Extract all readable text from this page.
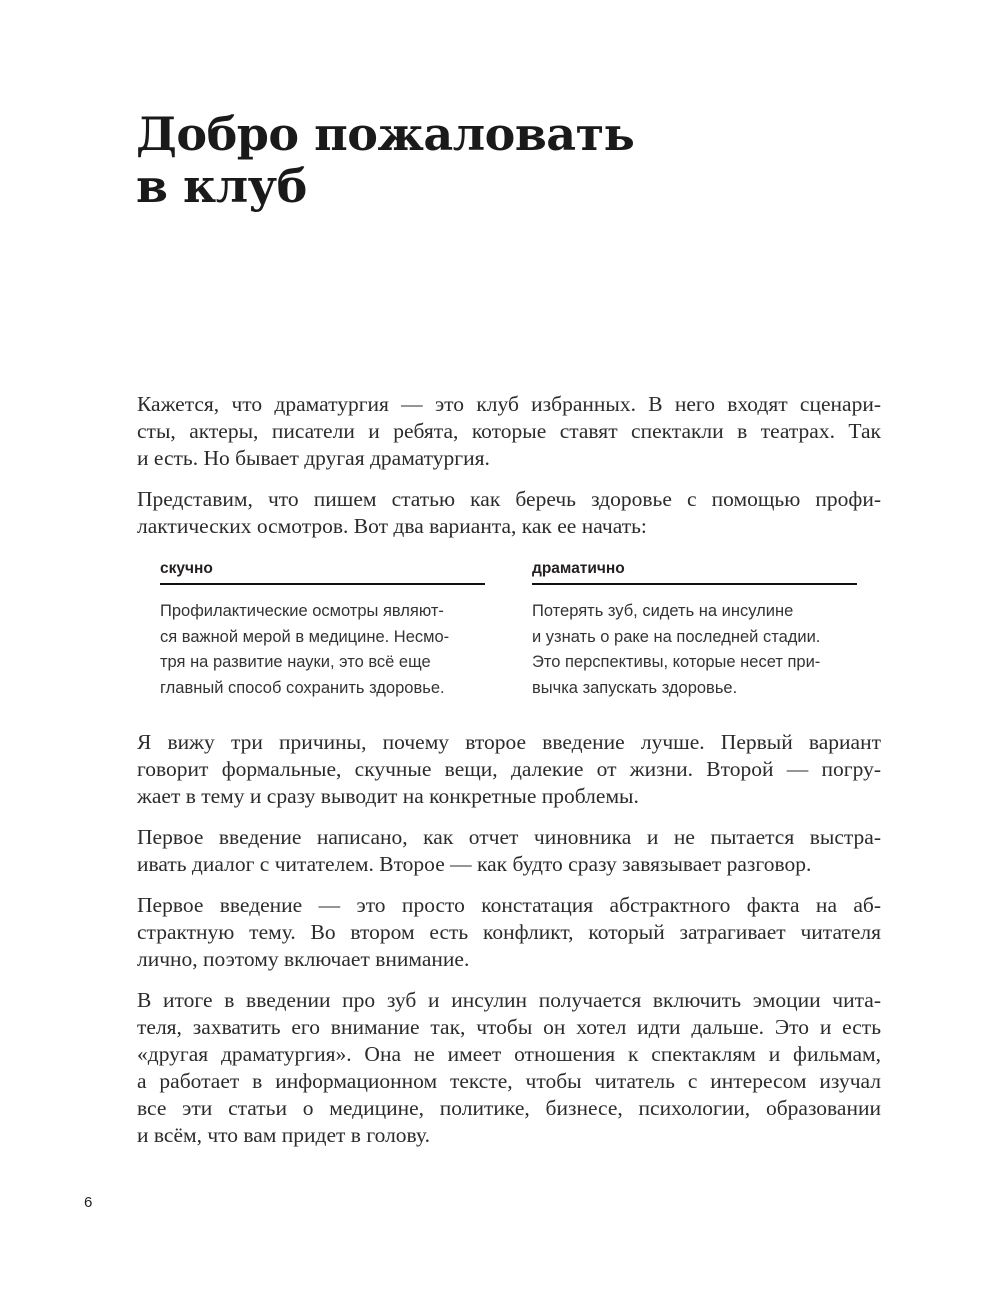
Добро пожаловать
в клуб
Кажется, что драматургия — это клуб избранных. В него входят сценари-
сты, актеры, писатели и ребята, которые ставят спектакли в театрах. Так
и есть. Но бывает другая драматургия.
Представим, что пишем статью как беречь здоровье с помощью профи-
лактических осмотров. Вот два варианта, как ее начать:
скучно
Профилактические осмотры являют-
ся важной мерой в медицине. Несмо-
тря на развитие науки, это всё еще
главный способ сохранить здоровье.
драматично
Потерять зуб, сидеть на инсулине
и узнать о раке на последней стадии.
Это перспективы, которые несет при-
вычка запускать здоровье.
Я вижу три причины, почему второе введение лучше. Первый вариант
говорит формальные, скучные вещи, далекие от жизни. Второй — погру-
жает в тему и сразу выводит на конкретные проблемы.
Первое введение написано, как отчет чиновника и не пытается выстра-
ивать диалог с читателем. Второе — как будто сразу завязывает разговор.
Первое введение — это просто констатация абстрактного факта на аб-
страктную тему. Во втором есть конфликт, который затрагивает читателя
лично, поэтому включает внимание.
В итоге в введении про зуб и инсулин получается включить эмоции чита-
теля, захватить его внимание так, чтобы он хотел идти дальше. Это и есть
«другая драматургия». Она не имеет отношения к спектаклям и фильмам,
а работает в информационном тексте, чтобы читатель с интересом изучал
все эти статьи о медицине, политике, бизнесе, психологии, образовании
и всём, что вам придет в голову.
6
